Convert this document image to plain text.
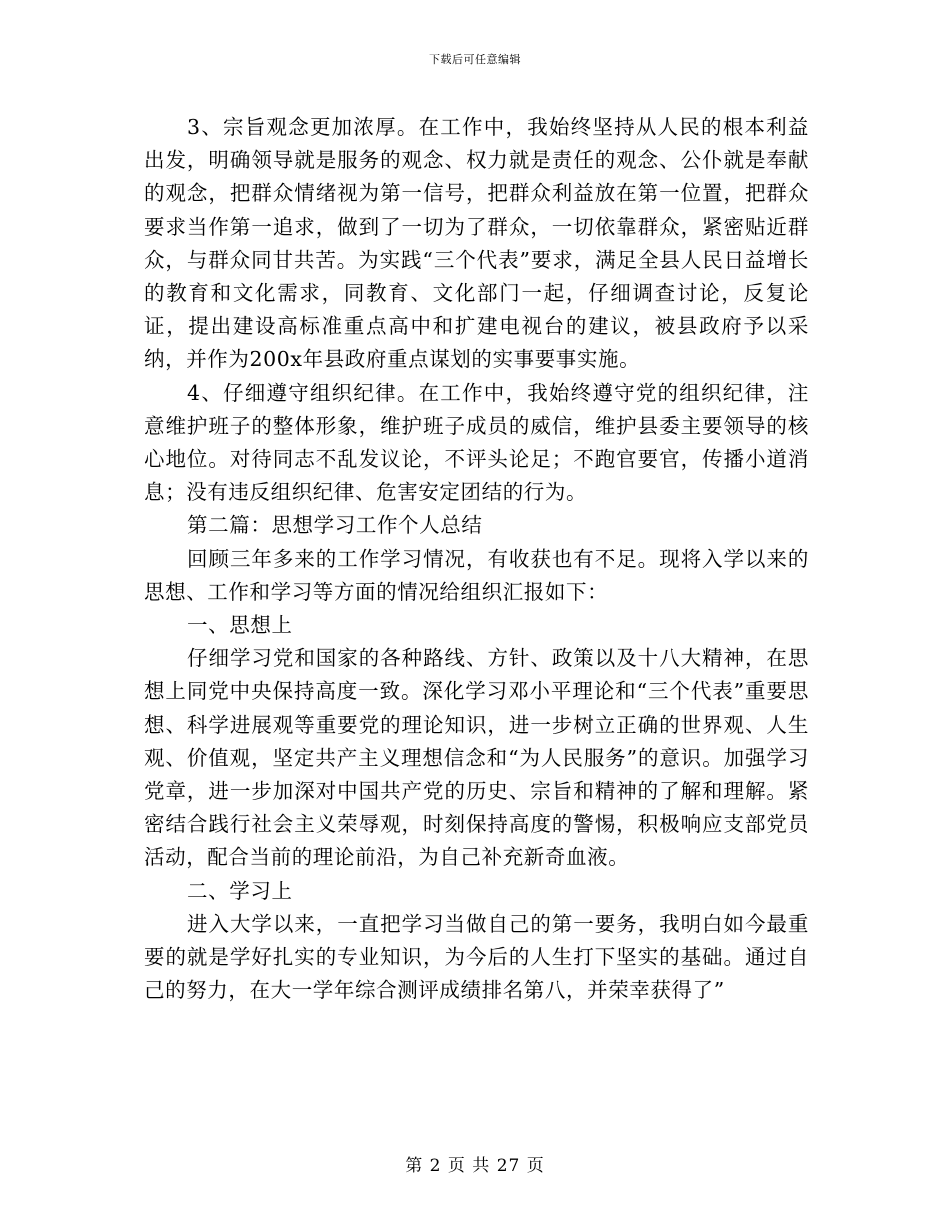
下载后可任意编辑

3、宗旨观念更加浓厚。在工作中，我始终坚持从人民的根本利益出发，明确领导就是服务的观念、权力就是责任的观念、公仆就是奉献的观念，把群众情绪视为第一信号，把群众利益放在第一位置，把群众要求当作第一追求，做到了一切为了群众，一切依靠群众，紧密贴近群众，与群众同甘共苦。为实践“三个代表”要求，满足全县人民日益增长的教育和文化需求，同教育、文化部门一起，仔细调查讨论，反复论证，提出建设高标准重点高中和扩建电视台的建议，被县政府予以采纳，并作为200x年县政府重点谋划的实事要事实施。

4、仔细遵守组织纪律。在工作中，我始终遵守党的组织纪律，注意维护班子的整体形象，维护班子成员的威信，维护县委主要领导的核心地位。对待同志不乱发议论，不评头论足；不跑官要官，传播小道消息；没有违反组织纪律、危害安定团结的行为。

第二篇：思想学习工作个人总结

回顾三年多来的工作学习情况，有收获也有不足。现将入学以来的思想、工作和学习等方面的情况给组织汇报如下：

一、思想上

仔细学习党和国家的各种路线、方针、政策以及十八大精神，在思想上同党中央保持高度一致。深化学习邓小平理论和“三个代表”重要思想、科学进展观等重要党的理论知识，进一步树立正确的世界观、人生观、价值观，坚定共产主义理想信念和“为人民服务”的意识。加强学习党章，进一步加深对中国共产党的历史、宗旨和精神的了解和理解。紧密结合践行社会主义荣辱观，时刻保持高度的警惕，积极响应支部党员活动，配合当前的理论前沿，为自己补充新奇血液。

二、学习上

进入大学以来，一直把学习当做自己的第一要务，我明白如今最重要的就是学好扎实的专业知识，为今后的人生打下坚实的基础。通过自己的努力，在大一学年综合测评成绩排名第八，并荣幸获得了”

第 2 页 共 27 页
